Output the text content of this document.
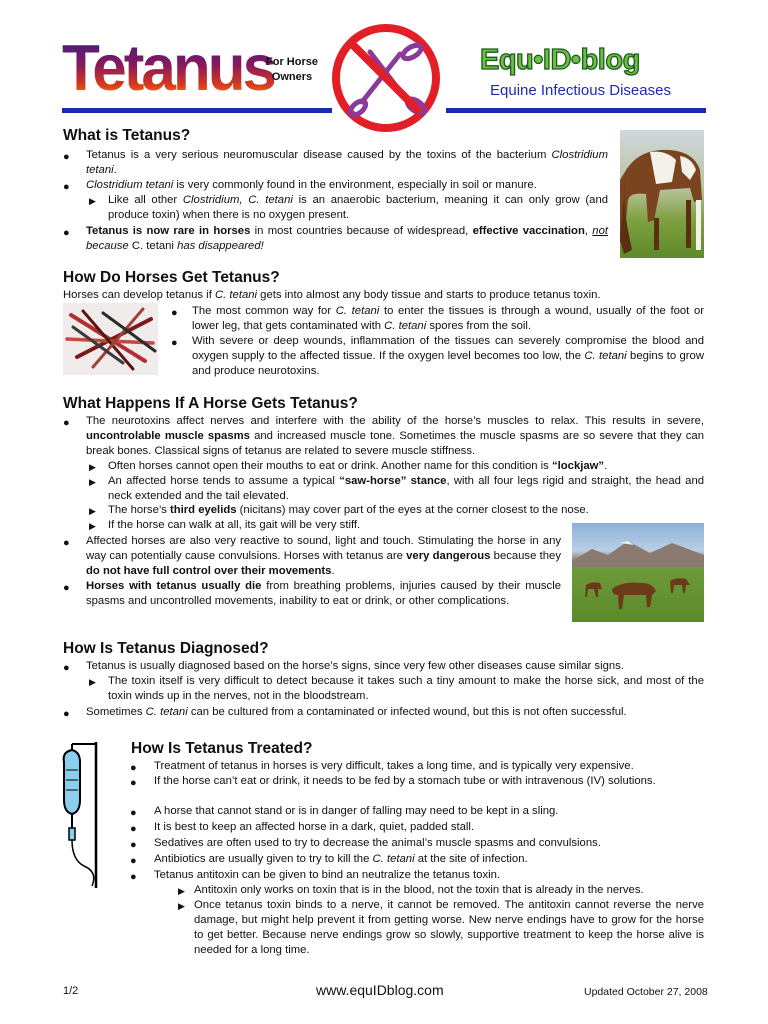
Tetanus
For Horse Owners
Equ•ID•blog
Equine Infectious Diseases
What is Tetanus?
● Tetanus is a very serious neuromuscular disease caused by the toxins of the bacterium Clostridium tetani.
● Clostridium tetani is very commonly found in the environment, especially in soil or manure.
▶ Like all other Clostridium, C. tetani is an anaerobic bacterium, meaning it can only grow (and produce toxin) when there is no oxygen present.
● Tetanus is now rare in horses in most countries because of widespread, effective vaccination, not because C. tetani has disappeared!
How Do Horses Get Tetanus?
Horses can develop tetanus if C. tetani gets into almost any body tissue and starts to produce tetanus toxin.
● The most common way for C. tetani to enter the tissues is through a wound, usually of the foot or lower leg, that gets contaminated with C. tetani spores from the soil.
● With severe or deep wounds, inflammation of the tissues can severely compromise the blood and oxygen supply to the affected tissue. If the oxygen level becomes too low, the C. tetani begins to grow and produce neurotoxins.
What Happens If A Horse Gets Tetanus?
● The neurotoxins affect nerves and interfere with the ability of the horse’s muscles to relax. This results in severe, uncontrolable muscle spasms and increased muscle tone. Sometimes the muscle spasms are so severe that they can break bones. Classical signs of tetanus are related to severe muscle stiffness.
▶ Often horses cannot open their mouths to eat or drink. Another name for this condition is “lockjaw”.
▶ An affected horse tends to assume a typical “saw-horse” stance, with all four legs rigid and straight, the head and neck extended and the tail elevated.
▶ The horse’s third eyelids (nicitans) may cover part of the eyes at the corner closest to the nose.
▶ If the horse can walk at all, its gait will be very stiff.
● Affected horses are also very reactive to sound, light and touch. Stimulating the horse in any way can potentially cause convulsions. Horses with tetanus are very dangerous because they do not have full control over their movements.
● Horses with tetanus usually die from breathing problems, injuries caused by their muscle spasms and uncontrolled movements, inability to eat or drink, or other complications.
How Is Tetanus Diagnosed?
● Tetanus is usually diagnosed based on the horse’s signs, since very few other diseases cause similar signs.
▶ The toxin itself is very difficult to detect because it takes such a tiny amount to make the horse sick, and most of the toxin winds up in the nerves, not in the bloodstream.
● Sometimes C. tetani can be cultured from a contaminated or infected wound, but this is not often successful.
How Is Tetanus Treated?
● Treatment of tetanus in horses is very difficult, takes a long time, and is typically very expensive.
● If the horse can’t eat or drink, it needs to be fed by a stomach tube or with intravenous (IV) solutions.
● A horse that cannot stand or is in danger of falling may need to be kept in a sling.
● It is best to keep an affected horse in a dark, quiet, padded stall.
● Sedatives are often used to try to decrease the animal’s muscle spasms and convulsions.
● Antibiotics are usually given to try to kill the C. tetani at the site of infection.
● Tetanus antitoxin can be given to bind an neutralize the tetanus toxin.
▶ Antitoxin only works on toxin that is in the blood, not the toxin that is already in the nerves.
▶ Once tetanus toxin binds to a nerve, it cannot be removed. The antitoxin cannot reverse the nerve damage, but might help prevent it from getting worse. New nerve endings have to grow for the horse to get better. Because nerve endings grow so slowly, supportive treatment to keep the horse alive is needed for a long time.
1/2	www.equIDblog.com	Updated October 27, 2008
